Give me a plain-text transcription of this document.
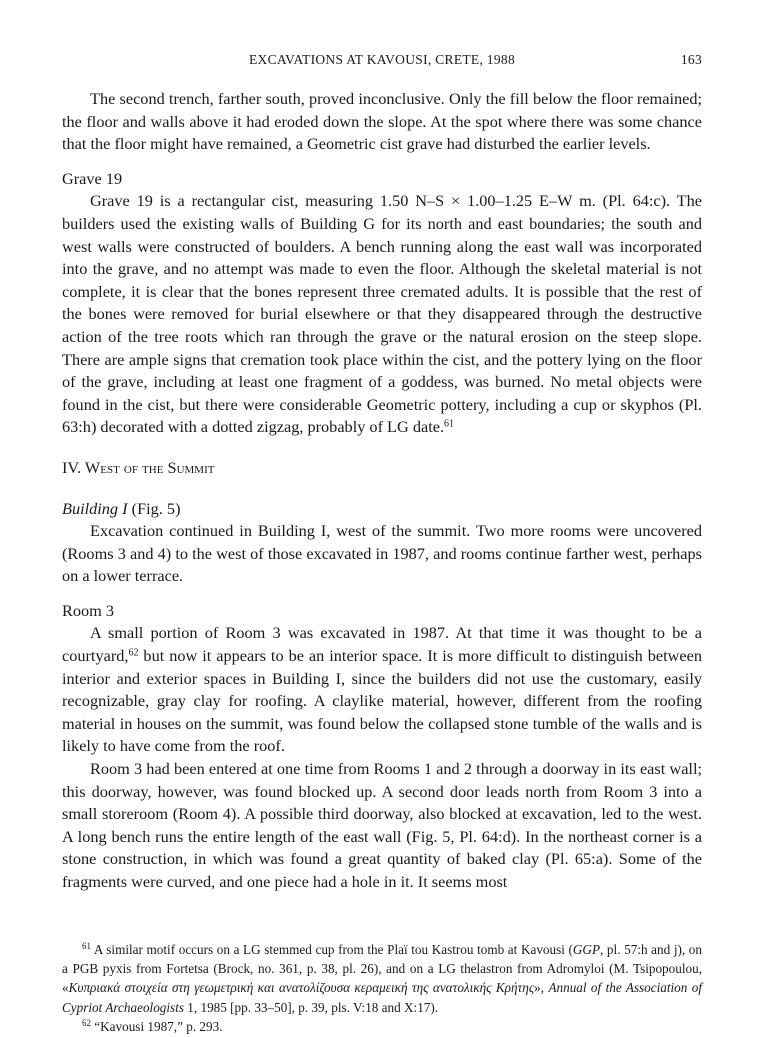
EXCAVATIONS AT KAVOUSI, CRETE, 1988	163

The second trench, farther south, proved inconclusive. Only the fill below the floor remained; the floor and walls above it had eroded down the slope. At the spot where there was some chance that the floor might have remained, a Geometric cist grave had disturbed the earlier levels.

Grave 19

Grave 19 is a rectangular cist, measuring 1.50 N–S × 1.00–1.25 E–W m. (Pl. 64:c). The builders used the existing walls of Building G for its north and east boundaries; the south and west walls were constructed of boulders. A bench running along the east wall was incorporated into the grave, and no attempt was made to even the floor. Although the skeletal material is not complete, it is clear that the bones represent three cremated adults. It is possible that the rest of the bones were removed for burial elsewhere or that they disappeared through the destructive action of the tree roots which ran through the grave or the natural erosion on the steep slope. There are ample signs that cremation took place within the cist, and the pottery lying on the floor of the grave, including at least one fragment of a goddess, was burned. No metal objects were found in the cist, but there were considerable Geometric pottery, including a cup or skyphos (Pl. 63:h) decorated with a dotted zigzag, probably of LG date.$^{61}$

IV. West of the Summit
Building I (Fig. 5)

Excavation continued in Building I, west of the summit. Two more rooms were uncovered (Rooms 3 and 4) to the west of those excavated in 1987, and rooms continue farther west, perhaps on a lower terrace.

Room 3

A small portion of Room 3 was excavated in 1987. At that time it was thought to be a courtyard,$^{62}$ but now it appears to be an interior space. It is more difficult to distinguish between interior and exterior spaces in Building I, since the builders did not use the customary, easily recognizable, gray clay for roofing. A claylike material, however, different from the roofing material in houses on the summit, was found below the collapsed stone tumble of the walls and is likely to have come from the roof.

Room 3 had been entered at one time from Rooms 1 and 2 through a doorway in its east wall; this doorway, however, was found blocked up. A second door leads north from Room 3 into a small storeroom (Room 4). A possible third doorway, also blocked at excavation, led to the west. A long bench runs the entire length of the east wall (Fig. 5, Pl. 64:d). In the northeast corner is a stone construction, in which was found a great quantity of baked clay (Pl. 65:a). Some of the fragments were curved, and one piece had a hole in it. It seems most

$^{61}$ A similar motif occurs on a LG stemmed cup from the Plaï tou Kastrou tomb at Kavousi (GGP, pl. 57:h and j), on a PGB pyxis from Fortetsa (Brock, no. 361, p. 38, pl. 26), and on a LG thelastron from Adromyloi (M. Tsipopoulou, «Κυπριακά στοιχεία στη γεωμετρική και ανατολίζουσα κεραμεική της ανατολικής Κρήτης», Annual of the Association of Cypriot Archaeologists 1, 1985 [pp. 33–50], p. 39, pls. V:18 and X:17).

$^{62}$ “Kavousi 1987,” p. 293.
